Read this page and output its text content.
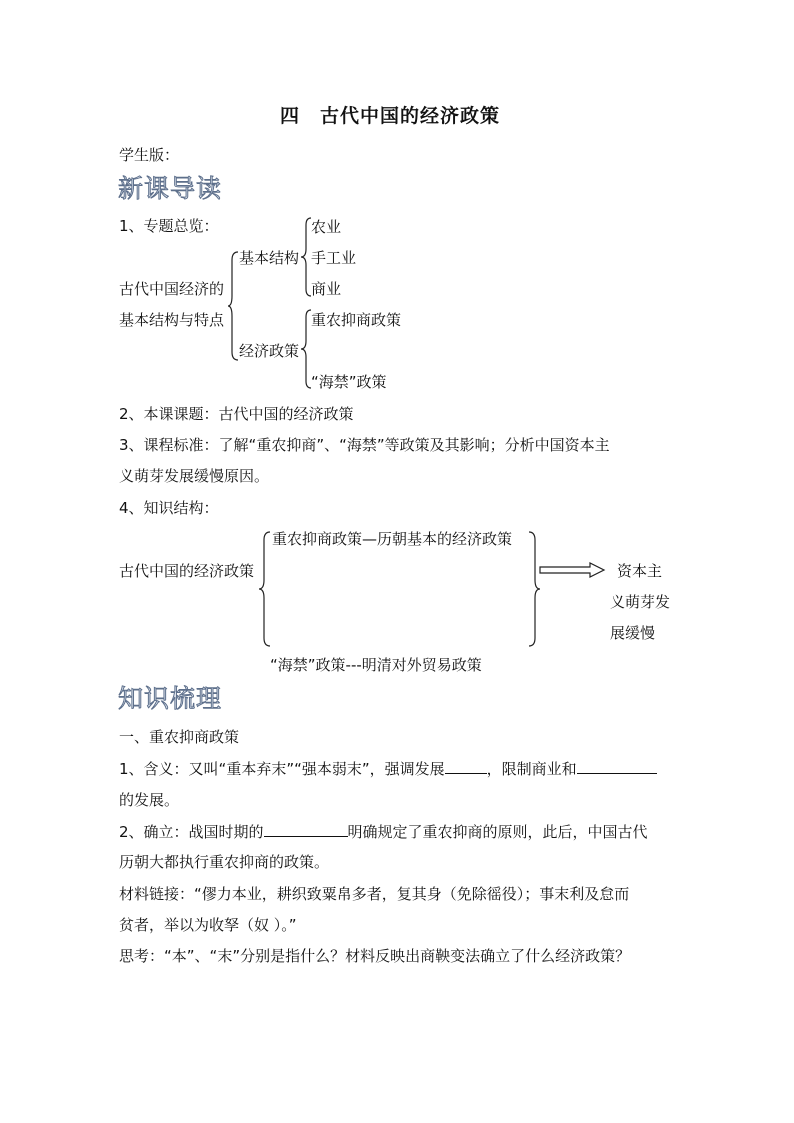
四　古代中国的经济政策
学生版：
新课导读
1、专题总览：
古代中国经济的
基本结构与特点
基本结构
农业
手工业
商业
经济政策
重农抑商政策
“海禁”政策
2、本课课题：古代中国的经济政策
3、课程标准：了解“重农抑商”、“海禁”等政策及其影响；分析中国资本主
义萌芽发展缓慢原因。
4、知识结构：
古代中国的经济政策
重农抑商政策—历朝基本的经济政策
资本主
义萌芽发
展缓慢
“海禁”政策---明清对外贸易政策
知识梳理
一、重农抑商政策
1、含义：又叫“重本弃末”“强本弱末”，强调发展	，限制商业和
的发展。
2、确立：战国时期的	明确规定了重农抑商的原则，此后，中国古代
历朝大都执行重农抑商的政策。
材料链接：“僇力本业，耕织致粟帛多者，复其身（免除徭役）；事末利及怠而
贫者，举以为收孥（奴 ）。”
思考：“本”、“末”分别是指什么？材料反映出商鞅变法确立了什么经济政策？
